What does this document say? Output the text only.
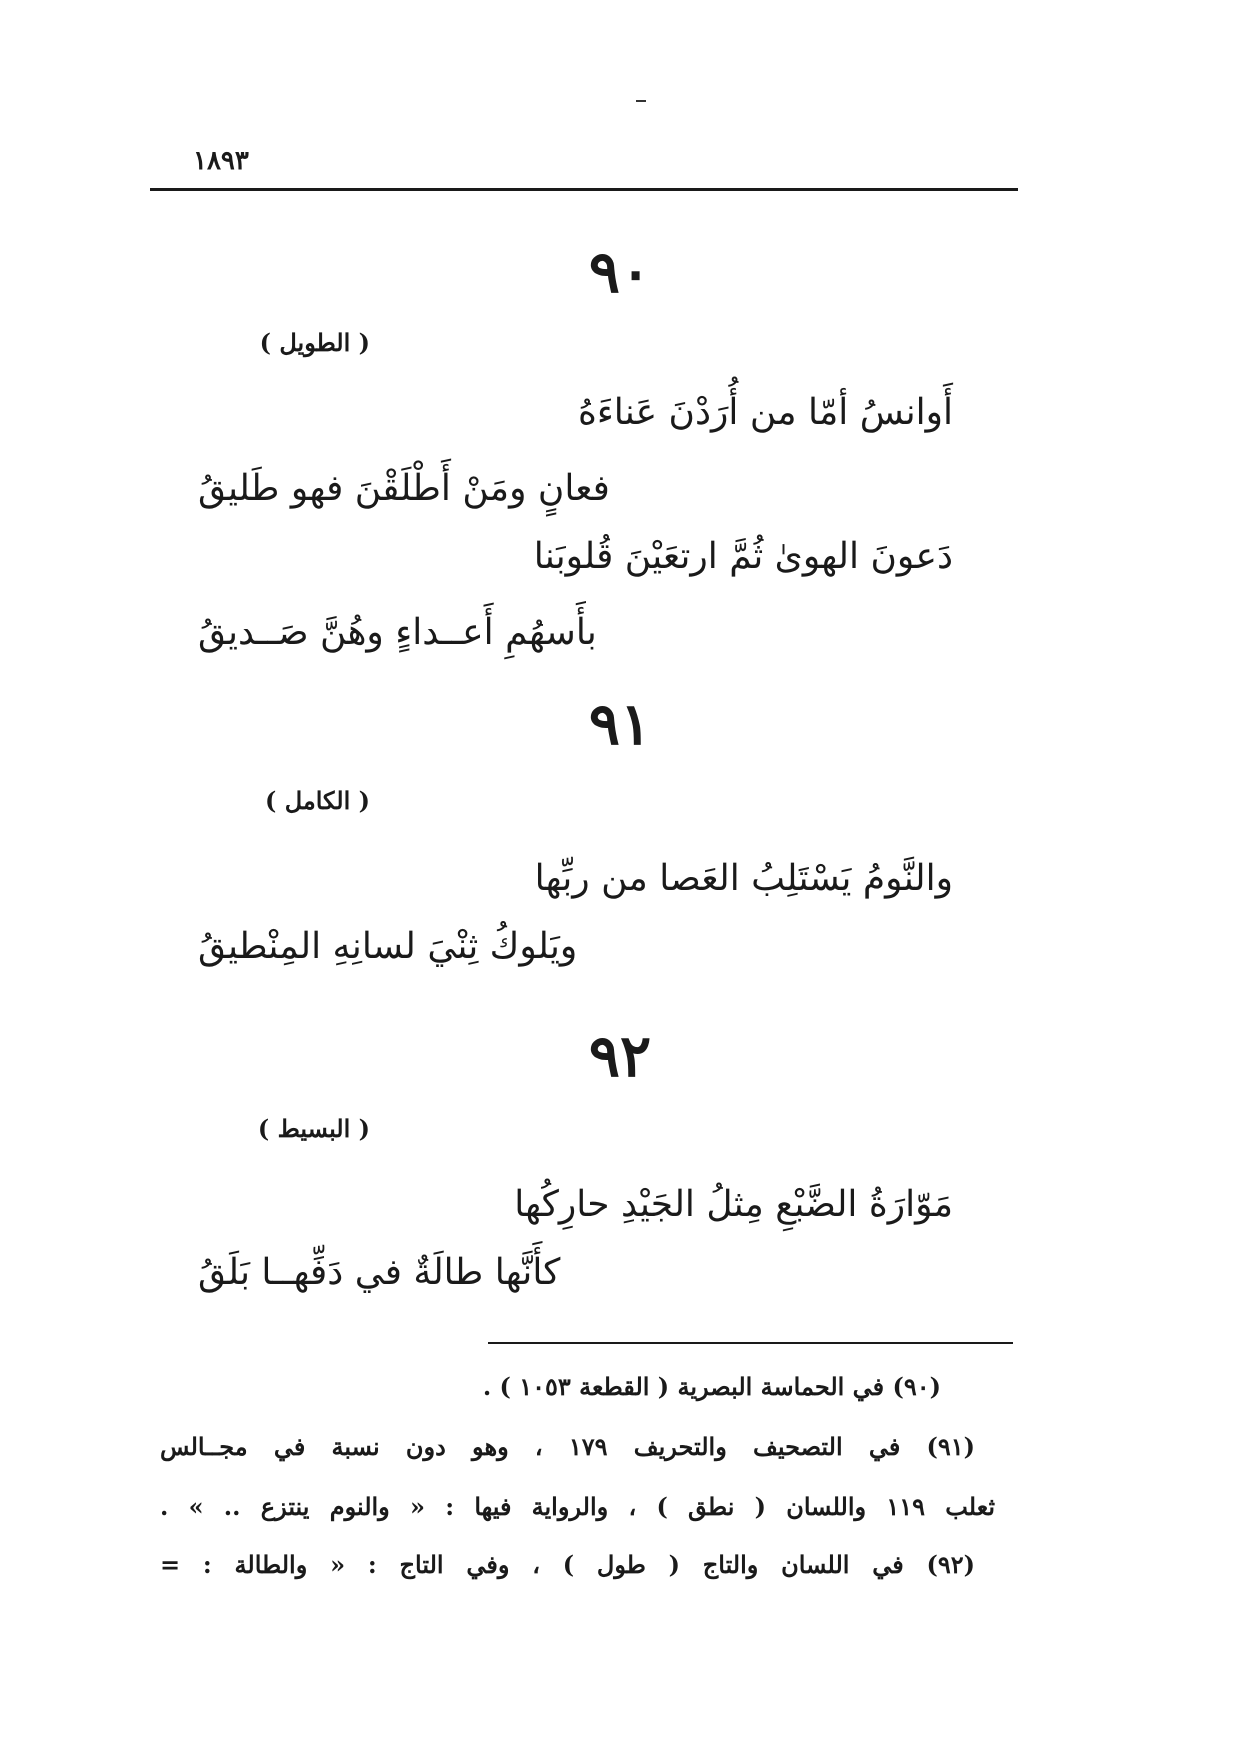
١٨٩٣
٩٠
( الطويل )
أَوانسُ أمّا من أُرَدْنَ عَناءَهُ
فعانٍ ومَنْ أَطْلَقْنَ فهو طَليقُ
دَعونَ الهوىٰ ثُمَّ ارتعَيْنَ قُلوبَنا
بأَسهُمِ أَعــداءٍ وهُنَّ صَــديقُ
٩١
( الكامل )
والنَّومُ يَسْتَلِبُ العَصا من ربِّها
ويَلوكُ ثِنْيَ لسانِهِ المِنْطيقُ
٩٢
( البسيط )
مَوّارَةُ الضَّبْعِ مِثلُ الجَيْدِ حارِكُها
كأَنَّها طالَةٌ في دَفِّهــا بَلَقُ
(٩٠) في الحماسة البصرية ( القطعة ١٠٥٣ ) .
(٩١) في التصحيف والتحريف ١٧٩ ، وهو دون نسبة في مجــالس
ثعلب ١١٩ واللسان ( نطق ) ، والرواية فيها : « والنوم ينتزع .. » .
(٩٢) في اللسان والتاج ( طول ) ، وفي التاج : « والطالة : =
